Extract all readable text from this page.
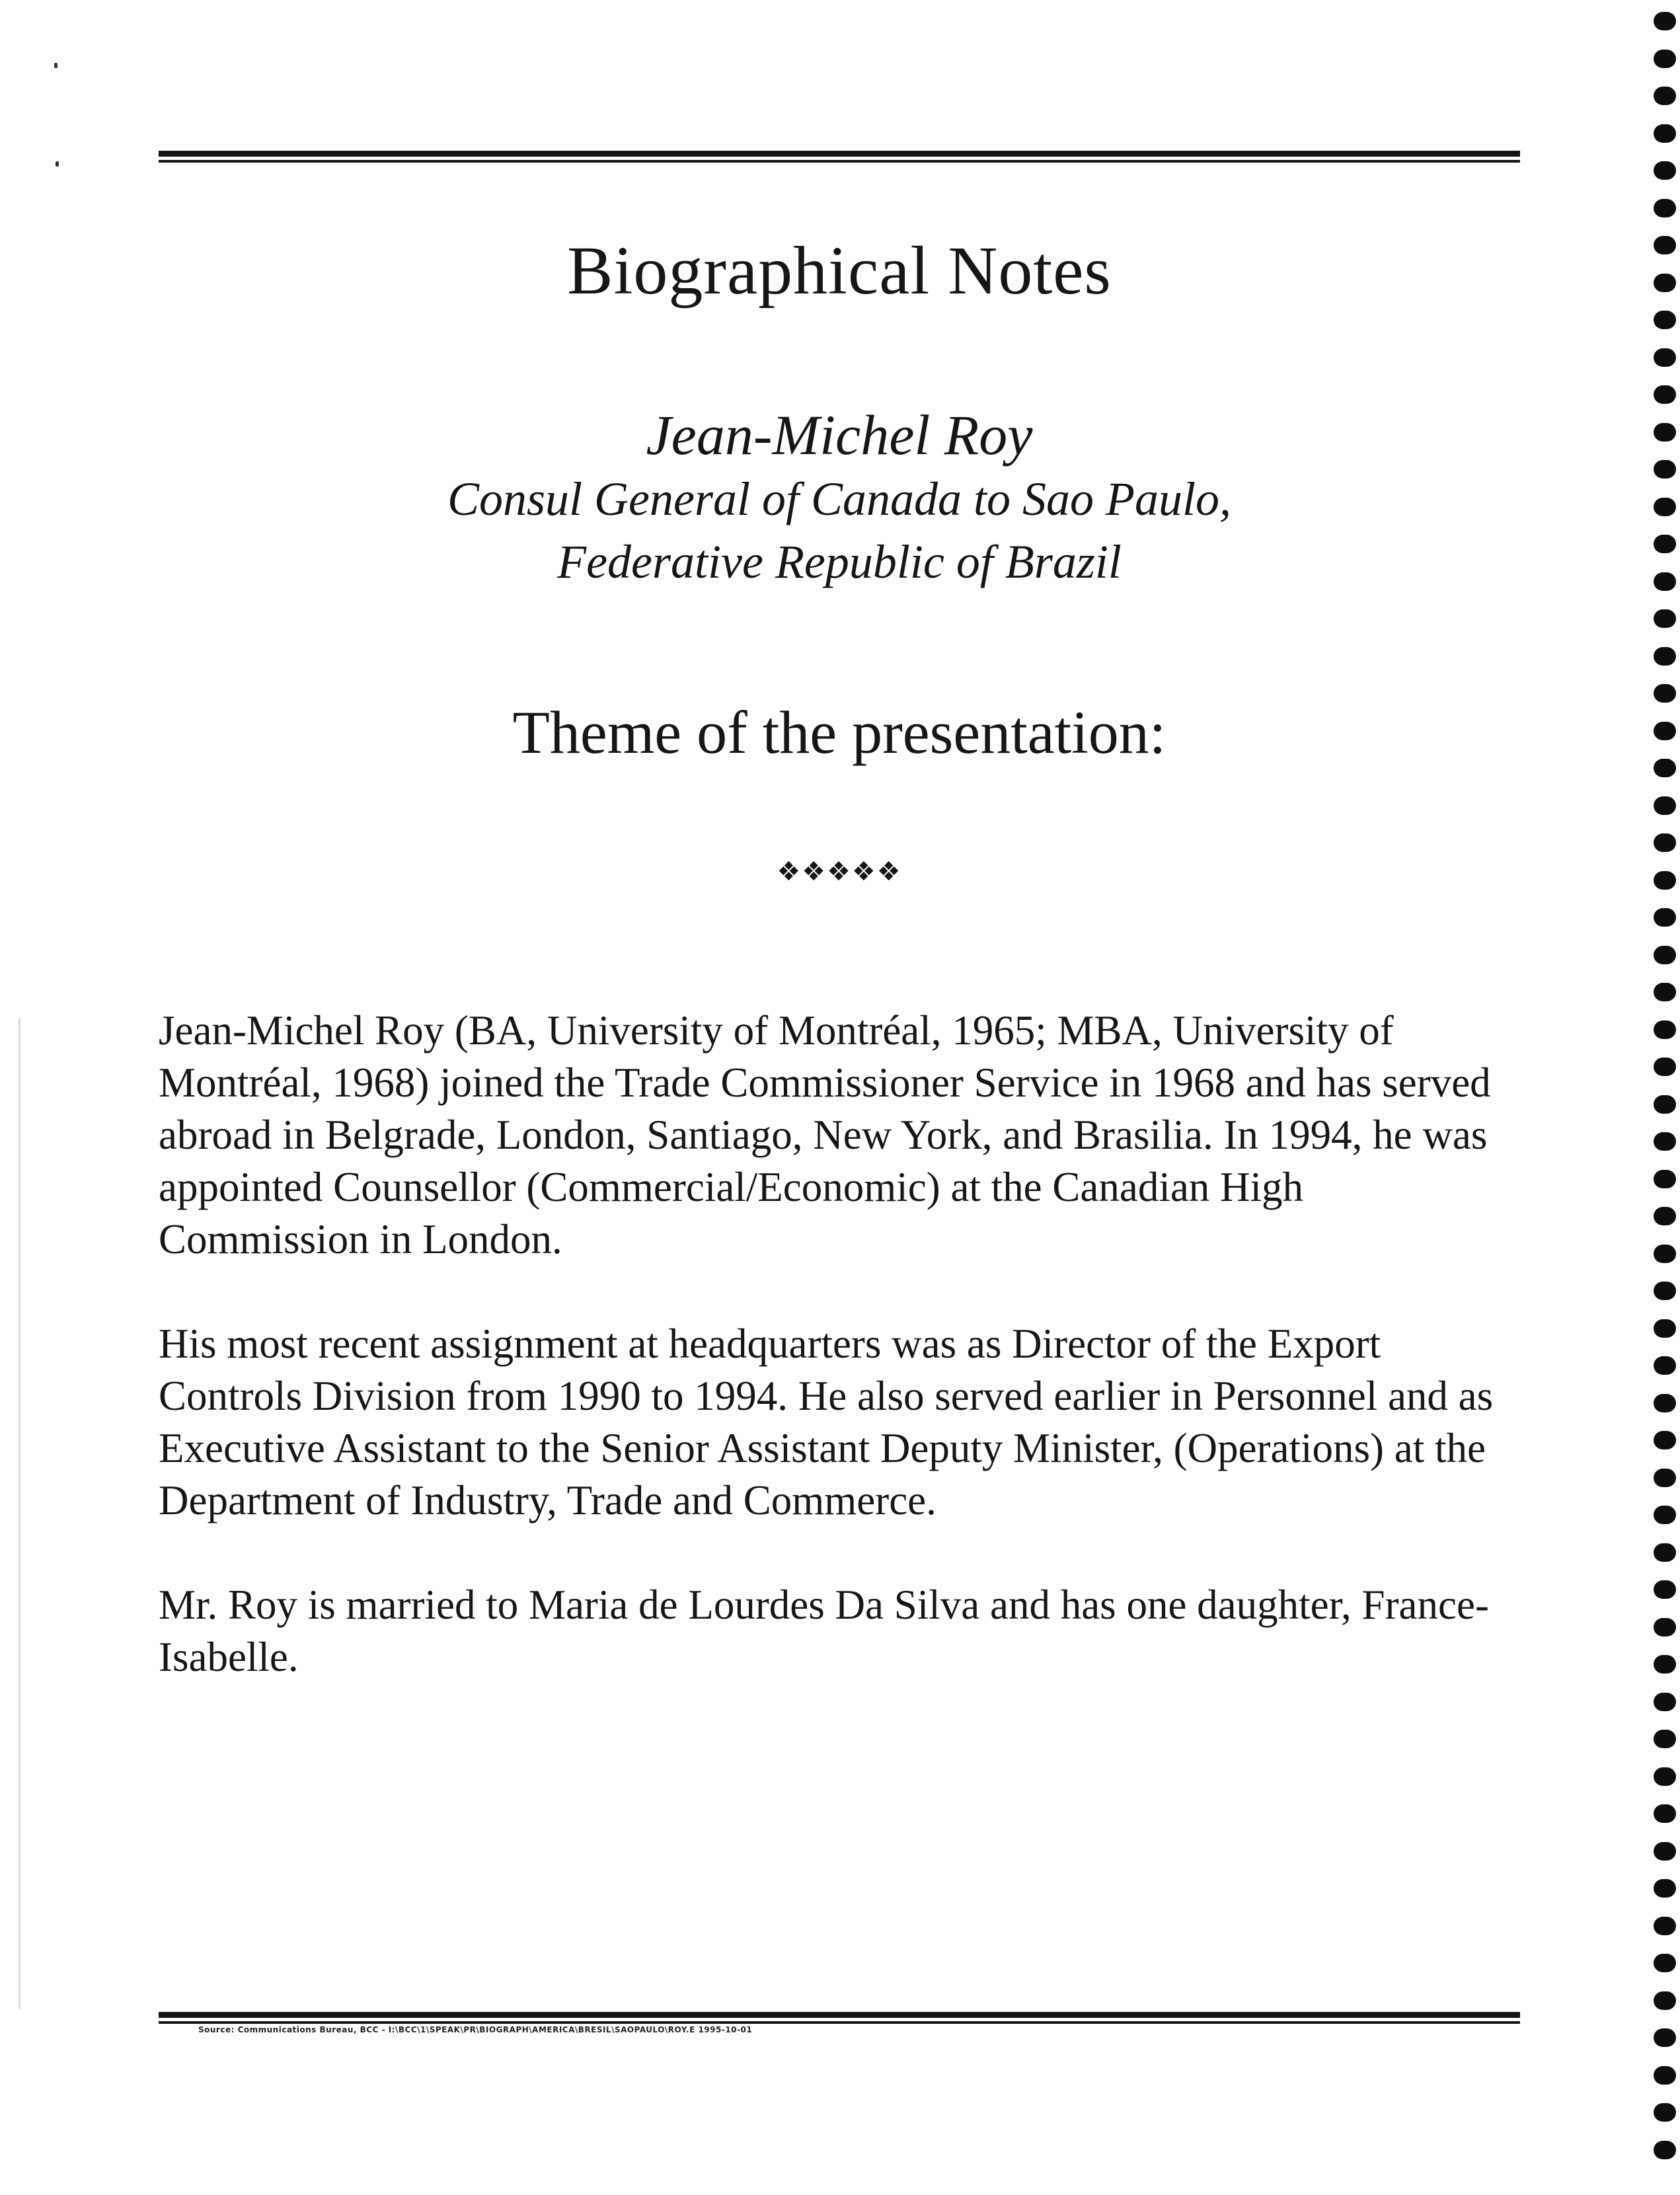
Biographical Notes
Jean-Michel Roy
Consul General of Canada to Sao Paulo,
Federative Republic of Brazil
Theme of the presentation:
❖❖❖❖❖

Jean-Michel Roy (BA, University of Montréal, 1965; MBA, University of Montréal, 1968) joined the Trade Commissioner Service in 1968 and has served abroad in Belgrade, London, Santiago, New York, and Brasilia. In 1994, he was appointed Counsellor (Commercial/Economic) at the Canadian High Commission in London.

His most recent assignment at headquarters was as Director of the Export Controls Division from 1990 to 1994. He also served earlier in Personnel and as Executive Assistant to the Senior Assistant Deputy Minister, (Operations) at the Department of Industry, Trade and Commerce.

Mr. Roy is married to Maria de Lourdes Da Silva and has one daughter, France-Isabelle.

Source: Communications Bureau, BCC - I:\BCC\1\SPEAK\PR\BIOGRAPH\AMERICA\BRESIL\SAOPAULO\ROY.E 1995-10-01
